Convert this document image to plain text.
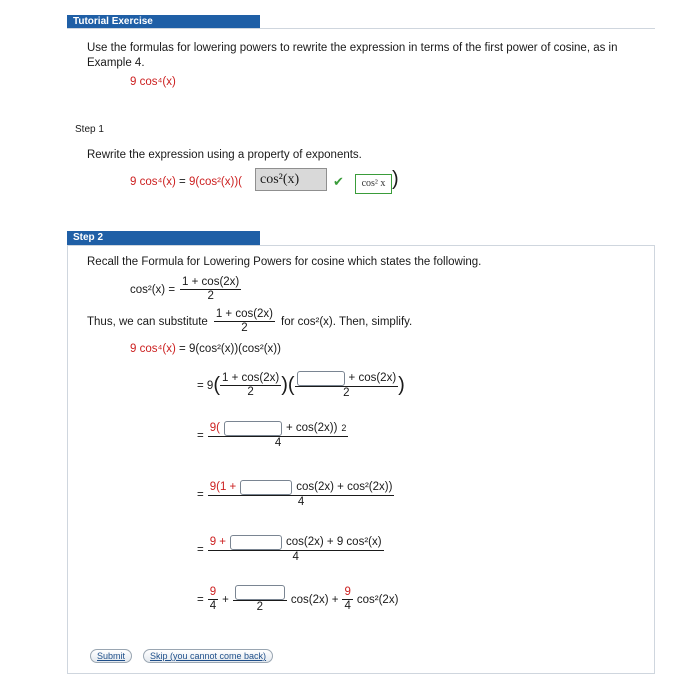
Tutorial Exercise
Use the formulas for lowering powers to rewrite the expression in terms of the first power of cosine, as in Example 4.
9 cos⁴(x)
Step 1
Rewrite the expression using a property of exponents.
9 cos⁴(x) = 9(cos²(x))(	cos²(x)	✔	cos² x )
Step 2
Recall the Formula for Lowering Powers for cosine which states the following.
$\cos^2(x) = \frac{1 + \cos(2x)}{2}$
Thus, we can substitute $\frac{1 + \cos(2x)}{2}$ for cos²(x). Then, simplify.
9 cos⁴(x) = 9(cos²(x))(cos²(x))
= 9 ( $\frac{1 + \cos(2x)}{2}$ ) ( $\frac{+ \cos(2x)}{2}$ )
= 9(	+ cos(2x)) 2
4
= 9(1 +	cos(2x) + cos²(2x))
4
= 9 +	cos(2x) + 9 cos²(x)
4
= $\frac{9}{4}$ +
2
$\cos(2x) + \frac{9}{4} \cos^2(2x)$
Submit	Skip (you cannot come back)
